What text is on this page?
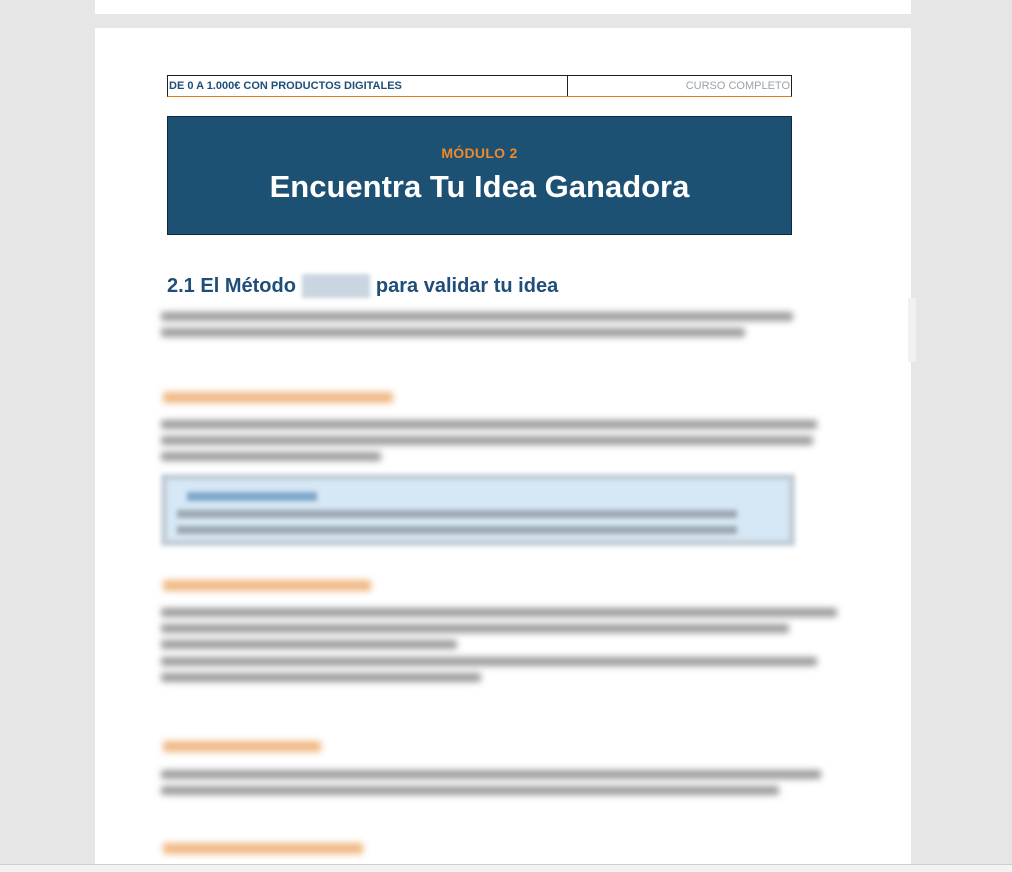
DE 0 A 1.000€ CON PRODUCTOS DIGITALES	CURSO COMPLETO
MÓDULO 2
Encuentra Tu Idea Ganadora
2.1 El Método	para validar tu idea
